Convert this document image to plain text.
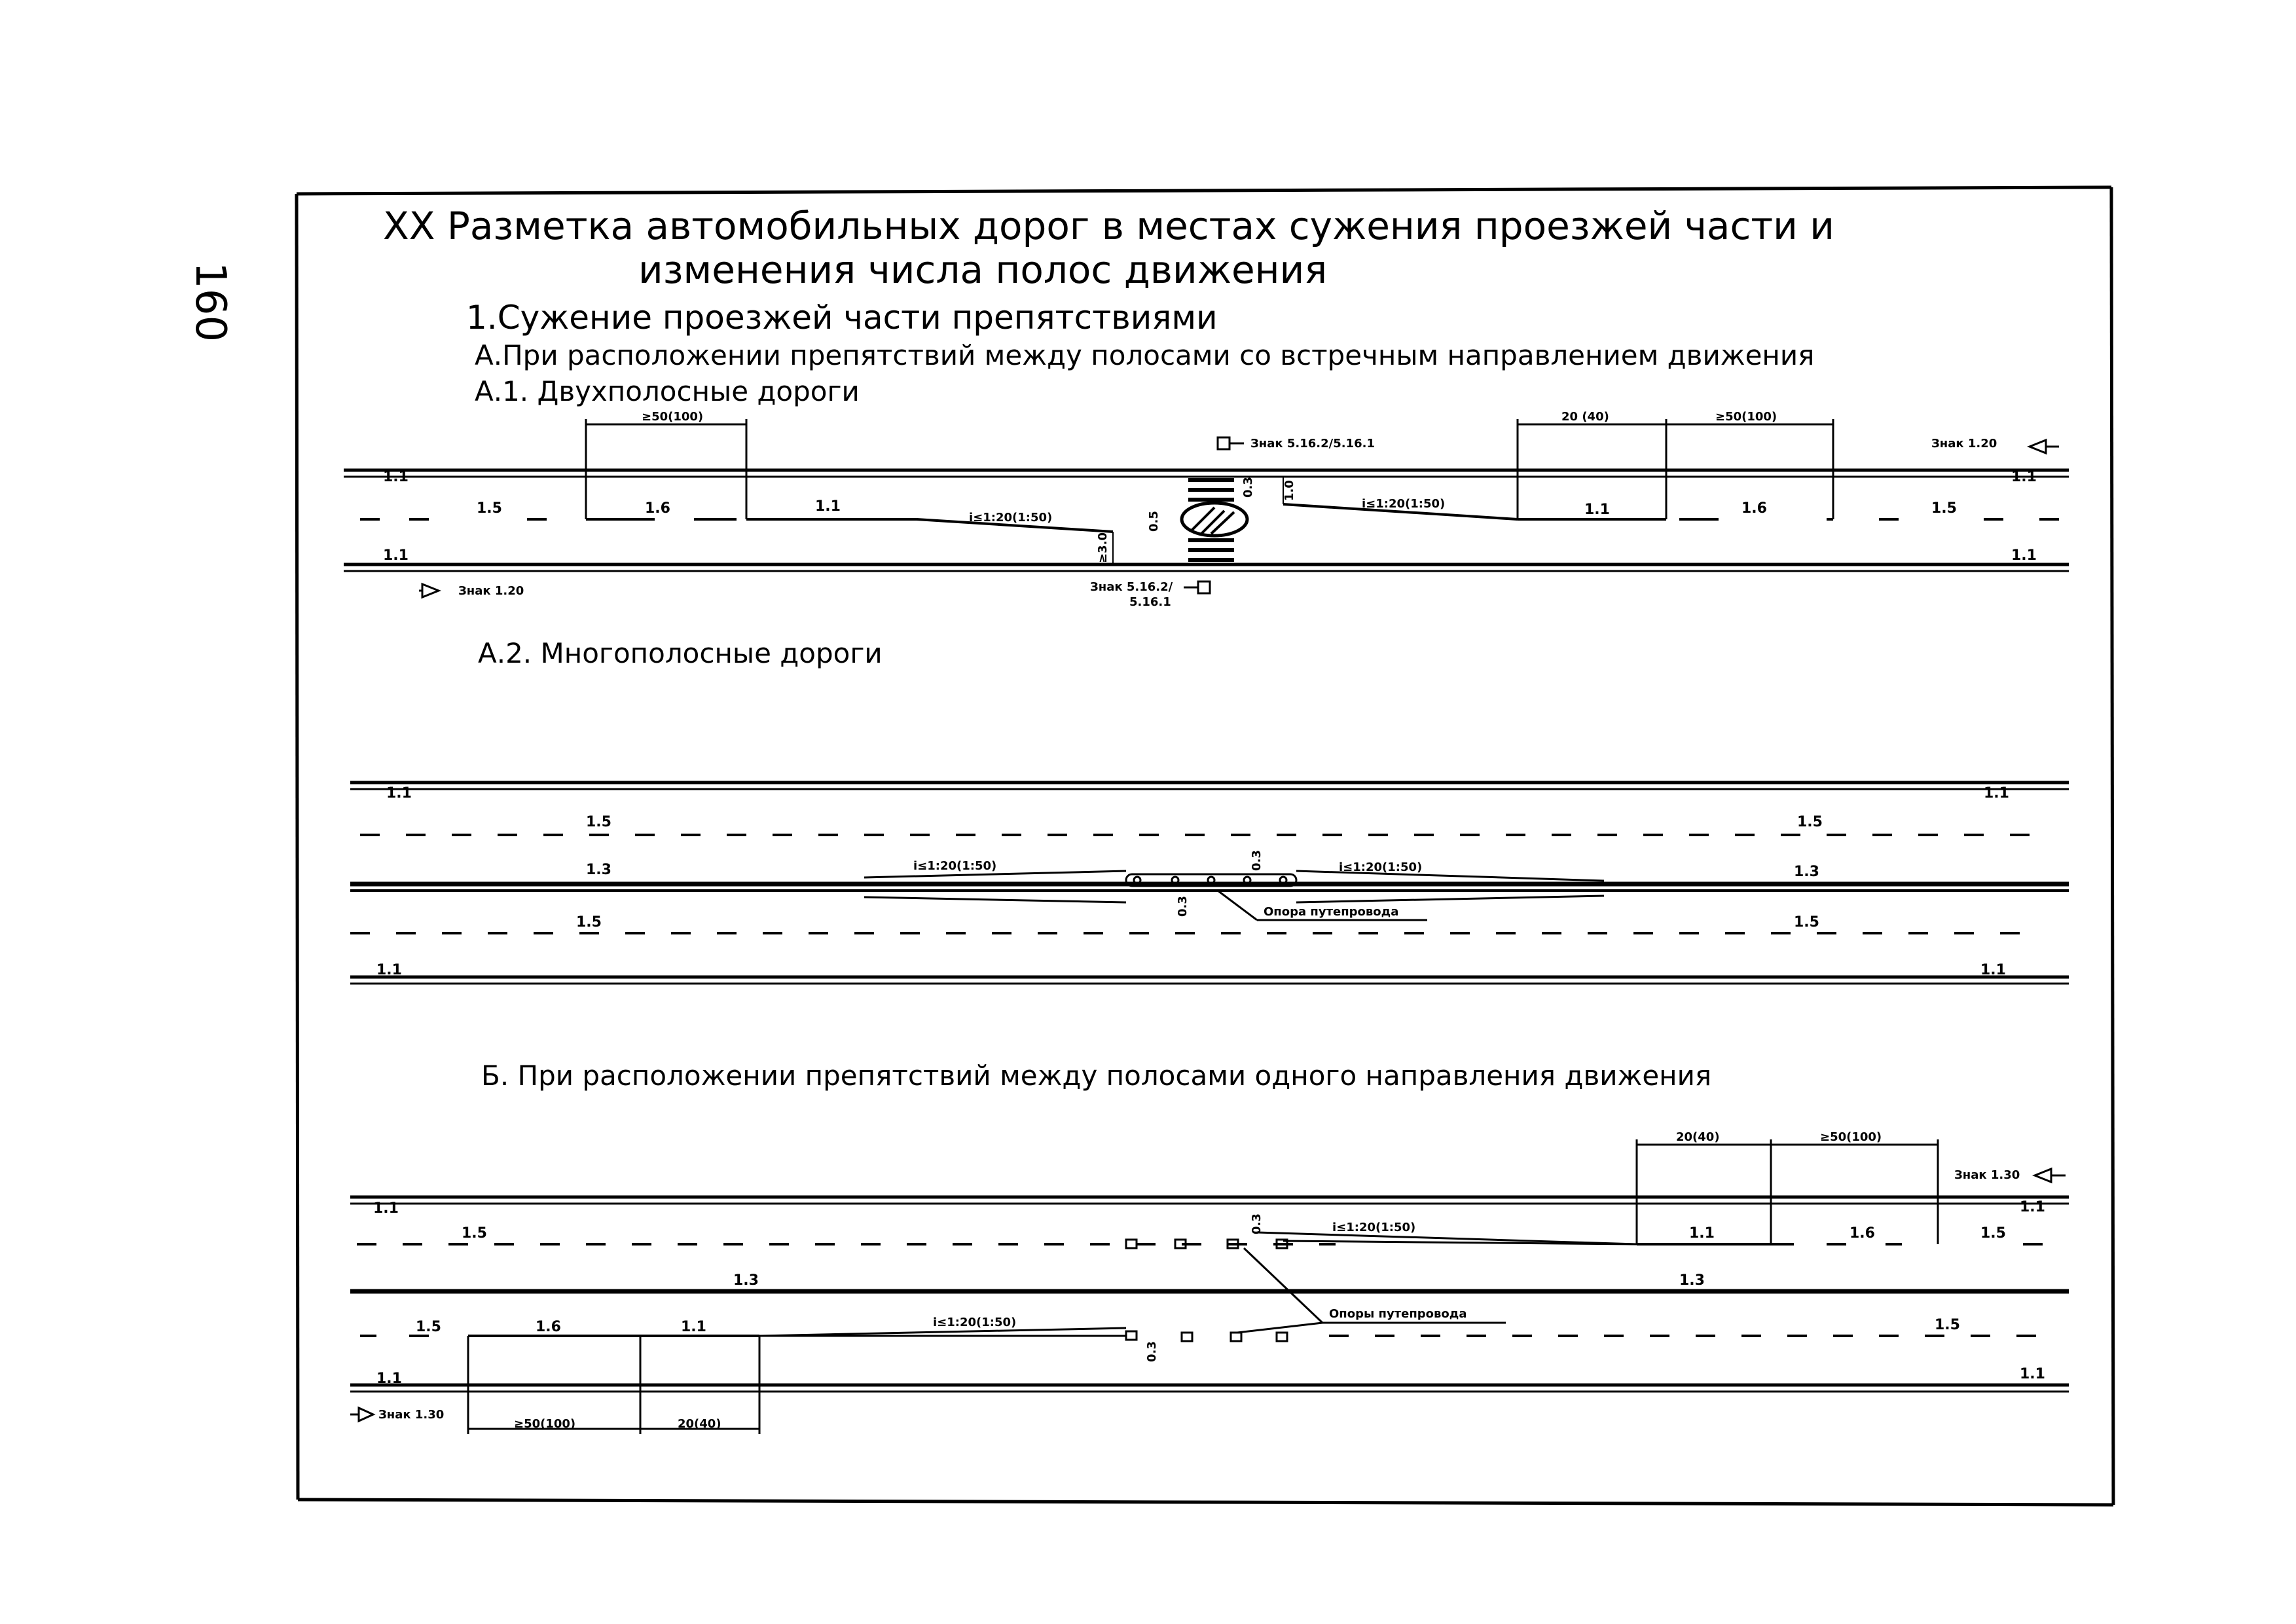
160
XX Разметка автомобильных дорог в местах сужения проезжей части и
изменения числа полос движения
1.Сужение проезжей части препятствиями
А.При расположении препятствий между полосами со встречным направлением движения
А.1. Двухполосные дороги
≥50(100)	20 (40)	≥50(100)
Знак 5.16.2/5.16.1	Знак 1.20
Знак 1.20	Знак 5.16.2/
5.16.1
1.1
1.1
1.1
1.1
1.5	1.5
1.6	1.6
1.1	1.1
i≤1:20(1:50)
i≤1:20(1:50)
0.5
0.3 1.0
≥3.0
А.2. Многополосные дороги
1.1	1.1
1.1	1.1
1.5	1.5
1.5	1.5
1.3	1.3
i≤1:20(1:50)	i≤1:20(1:50)
0.3
0.3	Опора путепровода
Б. При расположении препятствий между полосами одного направления движения
20(40)	≥50(100)
≥50(100)	20(40)
Знак 1.30
Знак 1.30
1.1	1.1
1.1	1.1
1.5	1.5
1.5	1.5
1.3	1.3
1.6
1.6
1.1
1.1
i≤1:20(1:50)
i≤1:20(1:50)
0.3
0.3
Опоры путепровода
